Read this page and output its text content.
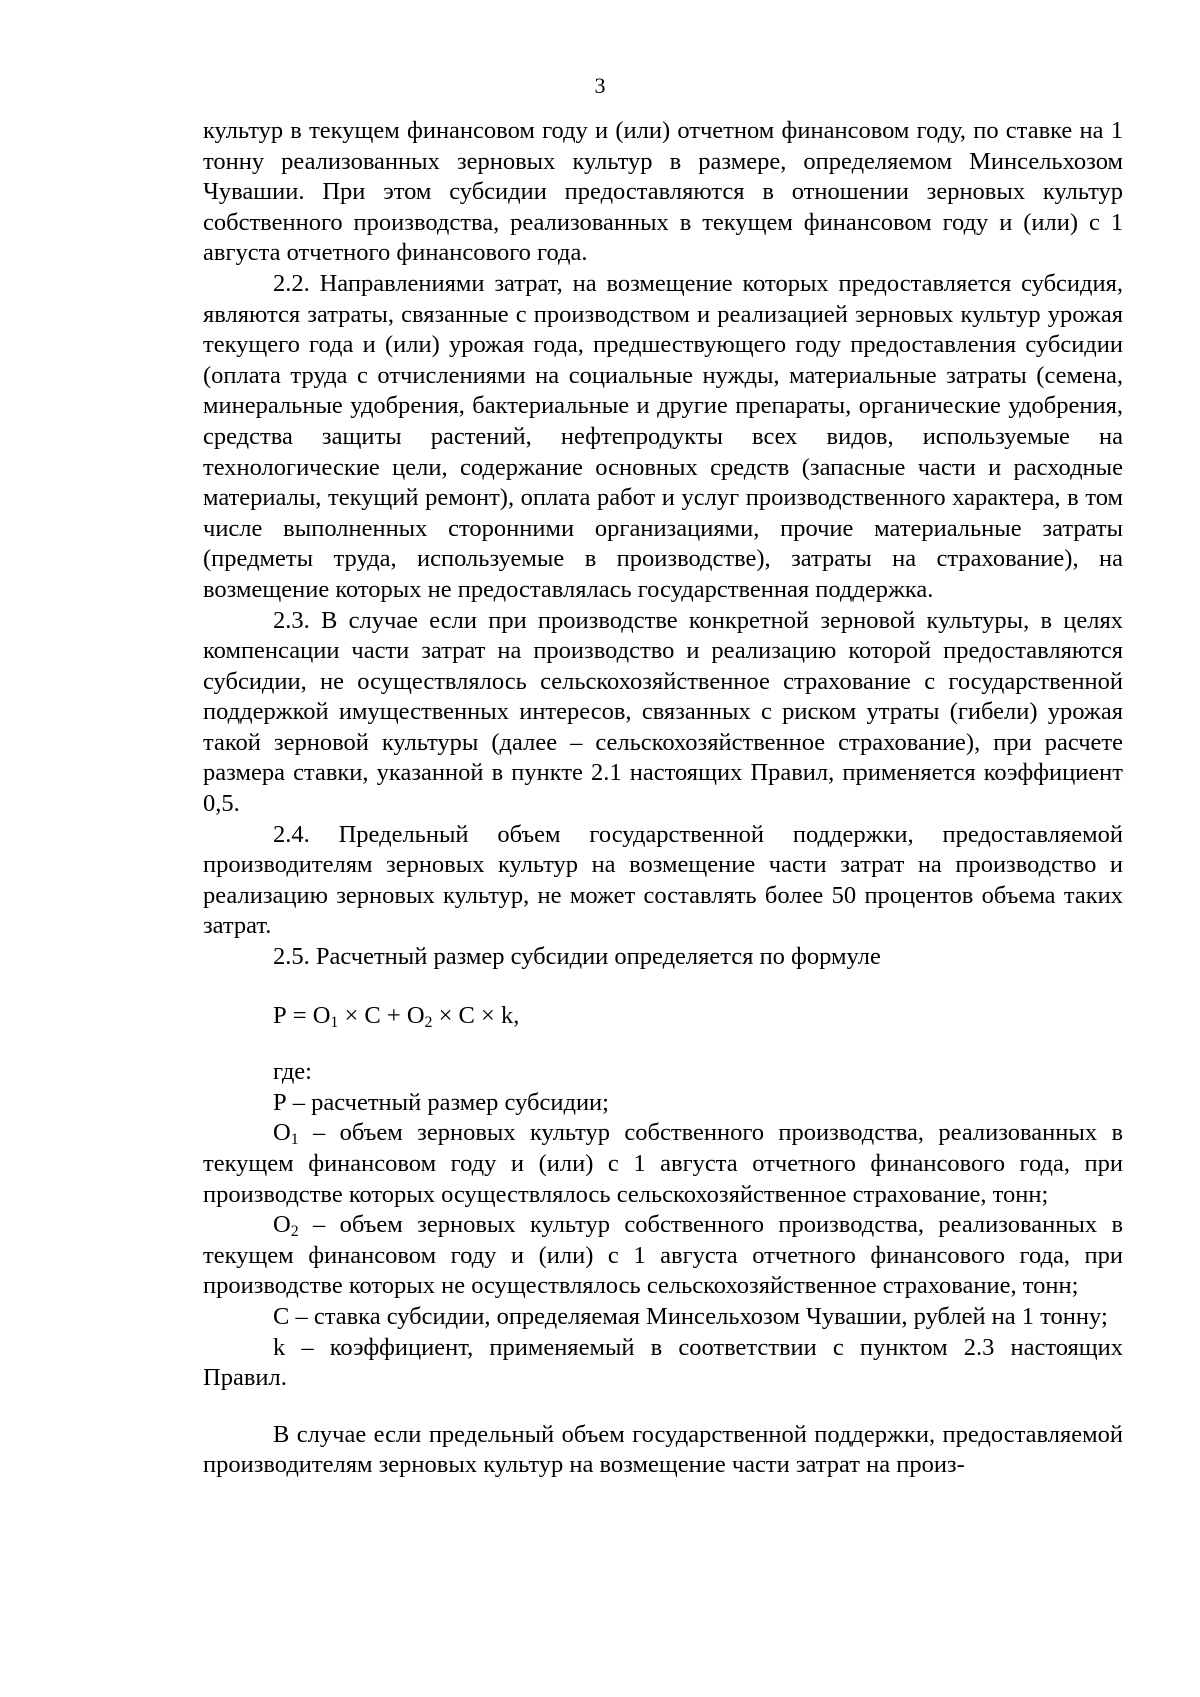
3

культур в текущем финансовом году и (или) отчетном финансовом году, по ставке на 1 тонну реализованных зерновых культур в размере, определяемом Минсельхозом Чувашии. При этом субсидии предоставляются в отношении зерновых культур собственного производства, реализованных в текущем финансовом году и (или) с 1 августа отчетного финансового года.

2.2. Направлениями затрат, на возмещение которых предоставляется субсидия, являются затраты, связанные с производством и реализацией зерновых культур урожая текущего года и (или) урожая года, предшествующего году предоставления субсидии (оплата труда с отчислениями на социальные нужды, материальные затраты (семена, минеральные удобрения, бактериальные и другие препараты, органические удобрения, средства защиты растений, нефтепродукты всех видов, используемые на технологические цели, содержание основных средств (запасные части и расходные материалы, текущий ремонт), оплата работ и услуг производственного характера, в том числе выполненных сторонними организациями, прочие материальные затраты (предметы труда, используемые в производстве), затраты на страхование), на возмещение которых не предоставлялась государственная поддержка.

2.3. В случае если при производстве конкретной зерновой культуры, в целях компенсации части затрат на производство и реализацию которой предоставляются субсидии, не осуществлялось сельскохозяйственное страхование с государственной поддержкой имущественных интересов, связанных с риском утраты (гибели) урожая такой зерновой культуры (далее – сельскохозяйственное страхование), при расчете размера ставки, указанной в пункте 2.1 настоящих Правил, применяется коэффициент 0,5.

2.4. Предельный объем государственной поддержки, предоставляемой производителям зерновых культур на возмещение части затрат на производство и реализацию зерновых культур, не может составлять более 50 процентов объема таких затрат.

2.5. Расчетный размер субсидии определяется по формуле

$Р = О_1 \times С + О_2 \times С \times k$,

где:

Р – расчетный размер субсидии;

$О_1$ – объем зерновых культур собственного производства, реализованных в текущем финансовом году и (или) с 1 августа отчетного финансового года, при производстве которых осуществлялось сельскохозяйственное страхование, тонн;

$О_2$ – объем зерновых культур собственного производства, реализованных в текущем финансовом году и (или) с 1 августа отчетного финансового года, при производстве которых не осуществлялось сельскохозяйственное страхование, тонн;

С – ставка субсидии, определяемая Минсельхозом Чувашии, рублей на 1 тонну;

k – коэффициент, применяемый в соответствии с пунктом 2.3 настоящих Правил.

В случае если предельный объем государственной поддержки, предоставляемой производителям зерновых культур на возмещение части затрат на произ-
